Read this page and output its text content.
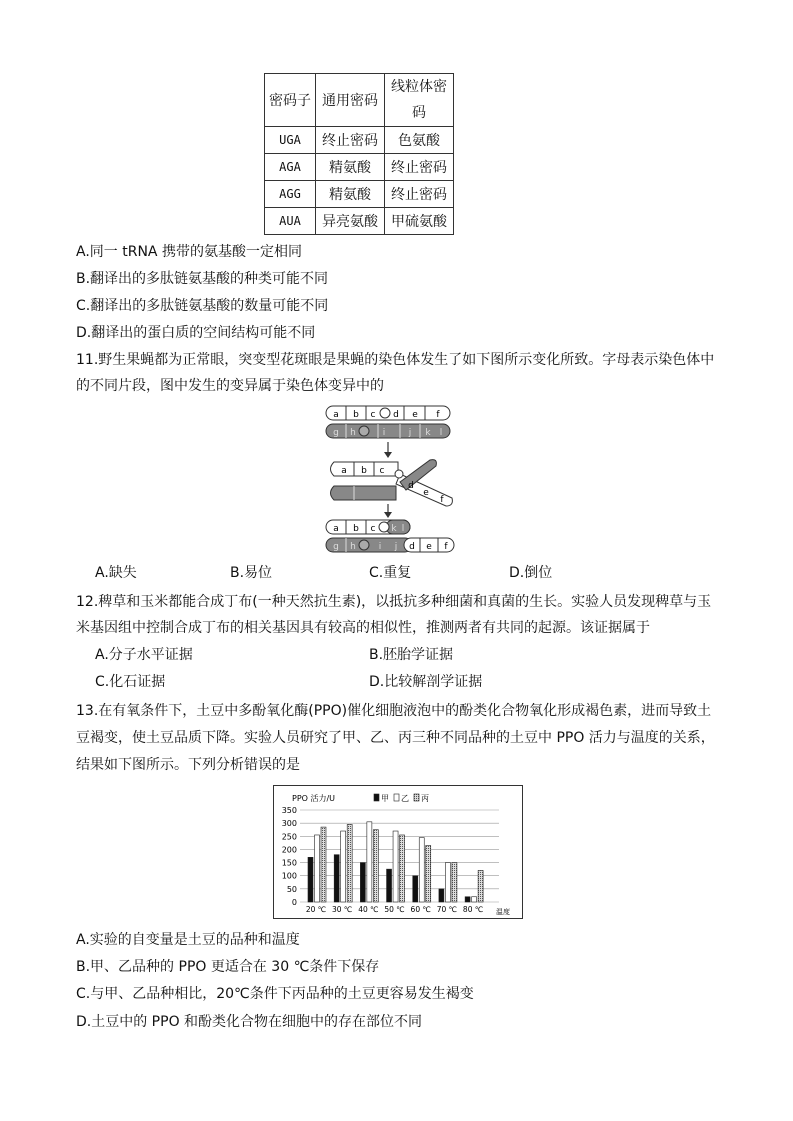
密码子	通用密码	线粒体密码
UGA	终止密码	色氨酸
AGA	精氨酸	终止密码
AGG	精氨酸	终止密码
AUA	异亮氨酸	甲硫氨酸
A.同一 tRNA 携带的氨基酸一定相同
B.翻译出的多肽链氨基酸的种类可能不同
C.翻译出的多肽链氨基酸的数量可能不同
D.翻译出的蛋白质的空间结构可能不同
11.野生果蝇都为正常眼，突变型花斑眼是果蝇的染色体发生了如下图所示变化所致。字母表示染色体中
的不同片段，图中发生的变异属于染色体变异中的
a b c d e f
g h	i	j k l
a b c
d
e
f
a b c k l
g h	i j d e f
A.缺失	B.易位	C.重复	D.倒位
12.稗草和玉米都能合成丁布(一种天然抗生素)，以抵抗多种细菌和真菌的生长。实验人员发现稗草与玉
米基因组中控制合成丁布的相关基因具有较高的相似性，推测两者有共同的起源。该证据属于
A.分子水平证据	B.胚胎学证据
C.化石证据	D.比较解剖学证据
13.在有氧条件下，土豆中多酚氧化酶(PPO)催化细胞液泡中的酚类化合物氧化形成褐色素，进而导致土
豆褐变，使土豆品质下降。实验人员研究了甲、乙、丙三种不同品种的土豆中 PPO 活力与温度的关系，
结果如下图所示。下列分析错误的是
PPO 活力/U	甲 乙 丙
20 ℃ 30 ℃ 40 ℃ 50 ℃ 60 ℃ 70 ℃ 80 ℃
0
50
100
150
200
250
300
350
温度
A.实验的自变量是土豆的品种和温度
B.甲、乙品种的 PPO 更适合在 30 ℃条件下保存
C.与甲、乙品种相比，20℃条件下丙品种的土豆更容易发生褐变
D.土豆中的 PPO 和酚类化合物在细胞中的存在部位不同
